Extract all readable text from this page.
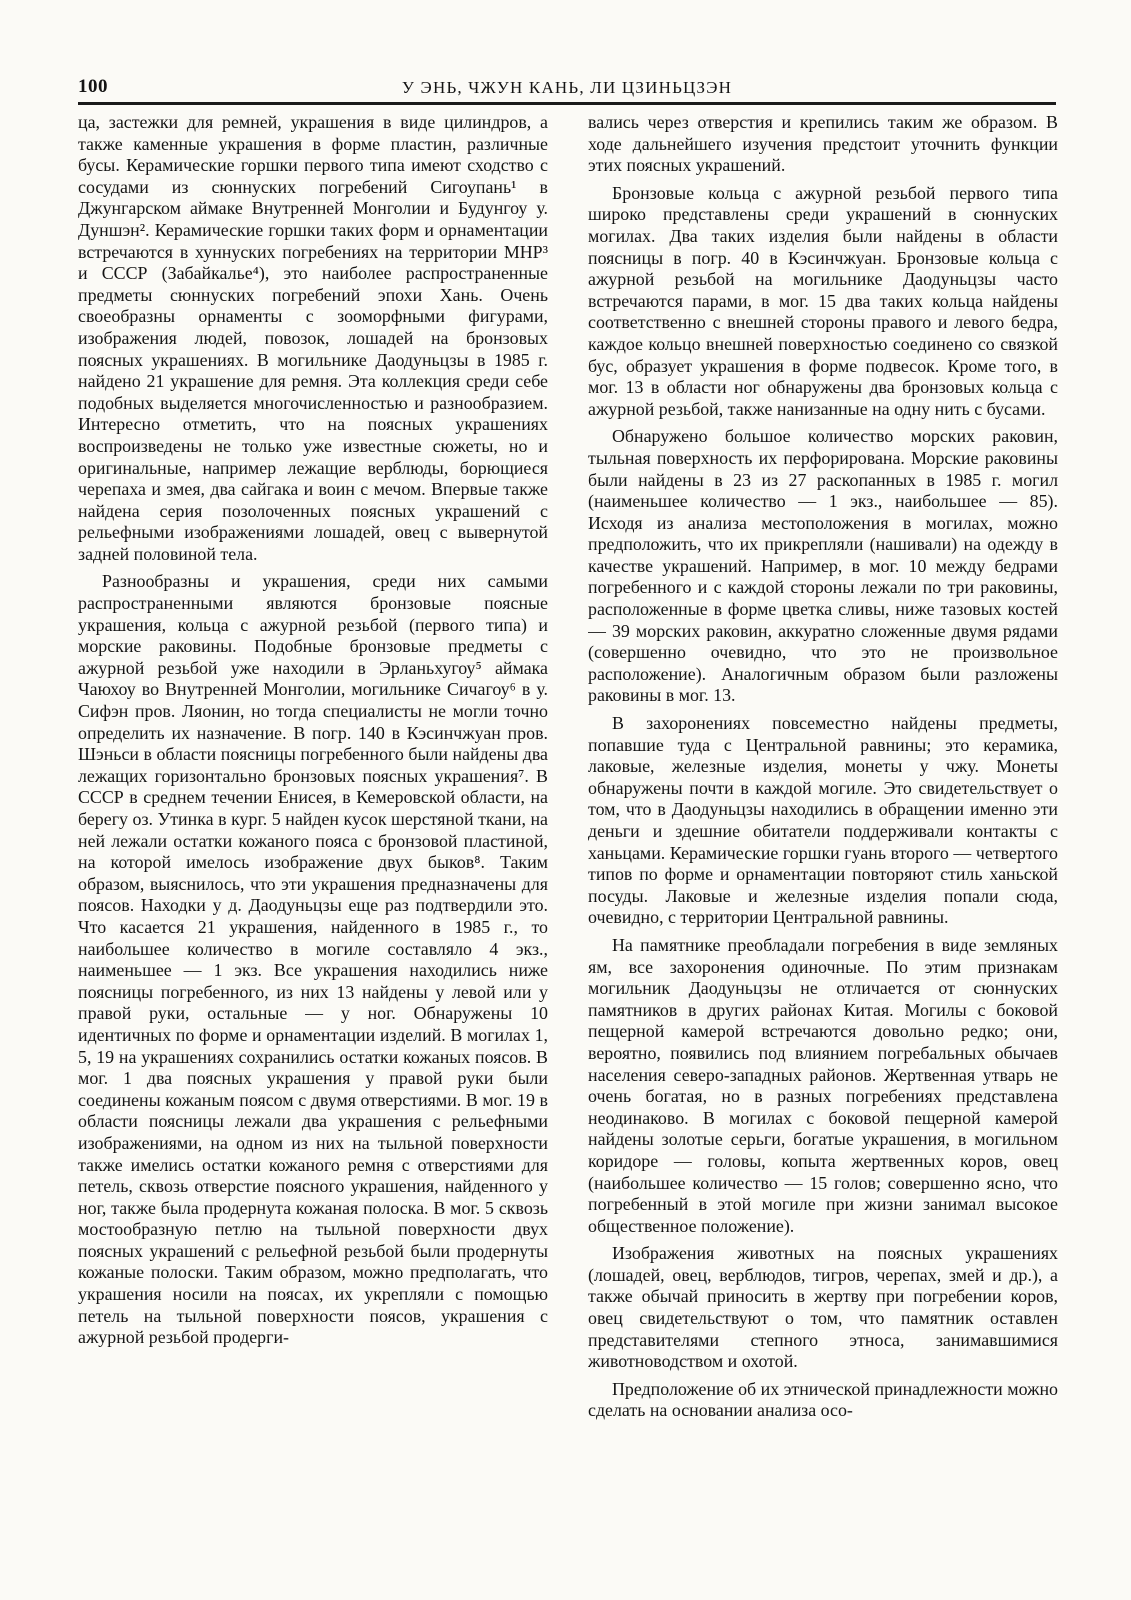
100	У ЭНЬ, ЧЖУН КАНЬ, ЛИ ЦЗИНЬЦЗЭН

ца, застежки для ремней, украшения в виде цилиндров, а также каменные украшения в форме пластин, различные бусы. Керамические горшки первого типа имеют сходство с сосудами из сюннуских погребений Сигоупань¹ в Джунгарском аймаке Внутренней Монголии и Будунгоу у. Дуншэн². Керамические горшки таких форм и орнаментации встречаются в хуннуских погребениях на территории МНР³ и СССР (Забайкалье⁴), это наиболее распространенные предметы сюннуских погребений эпохи Хань. Очень своеобразны орнаменты с зооморфными фигурами, изображения людей, повозок, лошадей на бронзовых поясных украшениях. В могильнике Даодуньцзы в 1985 г. найдено 21 украшение для ремня. Эта коллекция среди себе подобных выделяется многочисленностью и разнообразием. Интересно отметить, что на поясных украшениях воспроизведены не только уже известные сюжеты, но и оригинальные, например лежащие верблюды, борющиеся черепаха и змея, два сайгака и воин с мечом. Впервые также найдена серия позолоченных поясных украшений с рельефными изображениями лошадей, овец с вывернутой задней половиной тела.

Разнообразны и украшения, среди них самыми распространенными являются бронзовые поясные украшения, кольца с ажурной резьбой (первого типа) и морские раковины. Подобные бронзовые предметы с ажурной резьбой уже находили в Эрланьхугоу⁵ аймака Чаюхоу во Внутренней Монголии, могильнике Сичагоу⁶ в у. Сифэн пров. Ляонин, но тогда специалисты не могли точно определить их назначение. В погр. 140 в Кэсинчжуан пров. Шэньси в области поясницы погребенного были найдены два лежащих горизонтально бронзовых поясных украшения⁷. В СССР в среднем течении Енисея, в Кемеровской области, на берегу оз. Утинка в кург. 5 найден кусок шерстяной ткани, на ней лежали остатки кожаного пояса с бронзовой пластиной, на которой имелось изображение двух быков⁸. Таким образом, выяснилось, что эти украшения предназначены для поясов. Находки у д. Даодуньцзы еще раз подтвердили это. Что касается 21 украшения, найденного в 1985 г., то наибольшее количество в могиле составляло 4 экз., наименьшее — 1 экз. Все украшения находились ниже поясницы погребенного, из них 13 найдены у левой или у правой руки, остальные — у ног. Обнаружены 10 идентичных по форме и орнаментации изделий. В могилах 1, 5, 19 на украшениях сохранились остатки кожаных поясов. В мог. 1 два поясных украшения у правой руки были соединены кожаным поясом с двумя отверстиями. В мог. 19 в области поясницы лежали два украшения с рельефными изображениями, на одном из них на тыльной поверхности также имелись остатки кожаного ремня с отверстиями для петель, сквозь отверстие поясного украшения, найденного у ног, также была продернута кожаная полоска. В мог. 5 сквозь мостообразную петлю на тыльной поверхности двух поясных украшений с рельефной резьбой были продернуты кожаные полоски. Таким образом, можно предполагать, что украшения носили на поясах, их укрепляли с помощью петель на тыльной поверхности поясов, украшения с ажурной резьбой продерги-

вались через отверстия и крепились таким же образом. В ходе дальнейшего изучения предстоит уточнить функции этих поясных украшений.

Бронзовые кольца с ажурной резьбой первого типа широко представлены среди украшений в сюннуских могилах. Два таких изделия были найдены в области поясницы в погр. 40 в Кэсинчжуан. Бронзовые кольца с ажурной резьбой на могильнике Даодуньцзы часто встречаются парами, в мог. 15 два таких кольца найдены соответственно с внешней стороны правого и левого бедра, каждое кольцо внешней поверхностью соединено со связкой бус, образует украшения в форме подвесок. Кроме того, в мог. 13 в области ног обнаружены два бронзовых кольца с ажурной резьбой, также нанизанные на одну нить с бусами.

Обнаружено большое количество морских раковин, тыльная поверхность их перфорирована. Морские раковины были найдены в 23 из 27 раскопанных в 1985 г. могил (наименьшее количество — 1 экз., наибольшее — 85). Исходя из анализа местоположения в могилах, можно предположить, что их прикрепляли (нашивали) на одежду в качестве украшений. Например, в мог. 10 между бедрами погребенного и с каждой стороны лежали по три раковины, расположенные в форме цветка сливы, ниже тазовых костей — 39 морских раковин, аккуратно сложенные двумя рядами (совершенно очевидно, что это не произвольное расположение). Аналогичным образом были разложены раковины в мог. 13.

В захоронениях повсеместно найдены предметы, попавшие туда с Центральной равнины; это керамика, лаковые, железные изделия, монеты у чжу. Монеты обнаружены почти в каждой могиле. Это свидетельствует о том, что в Даодуньцзы находились в обращении именно эти деньги и здешние обитатели поддерживали контакты с ханьцами. Керамические горшки гуань второго — четвертого типов по форме и орнаментации повторяют стиль ханьской посуды. Лаковые и железные изделия попали сюда, очевидно, с территории Центральной равнины.

На памятнике преобладали погребения в виде земляных ям, все захоронения одиночные. По этим признакам могильник Даодуньцзы не отличается от сюннуских памятников в других районах Китая. Могилы с боковой пещерной камерой встречаются довольно редко; они, вероятно, появились под влиянием погребальных обычаев населения северо-западных районов. Жертвенная утварь не очень богатая, но в разных погребениях представлена неодинаково. В могилах с боковой пещерной камерой найдены золотые серьги, богатые украшения, в могильном коридоре — головы, копыта жертвенных коров, овец (наибольшее количество — 15 голов; совершенно ясно, что погребенный в этой могиле при жизни занимал высокое общественное положение).

Изображения животных на поясных украшениях (лошадей, овец, верблюдов, тигров, черепах, змей и др.), а также обычай приносить в жертву при погребении коров, овец свидетельствуют о том, что памятник оставлен представителями степного этноса, занимавшимися животноводством и охотой.

Предположение об их этнической принадлежности можно сделать на основании анализа осо-
